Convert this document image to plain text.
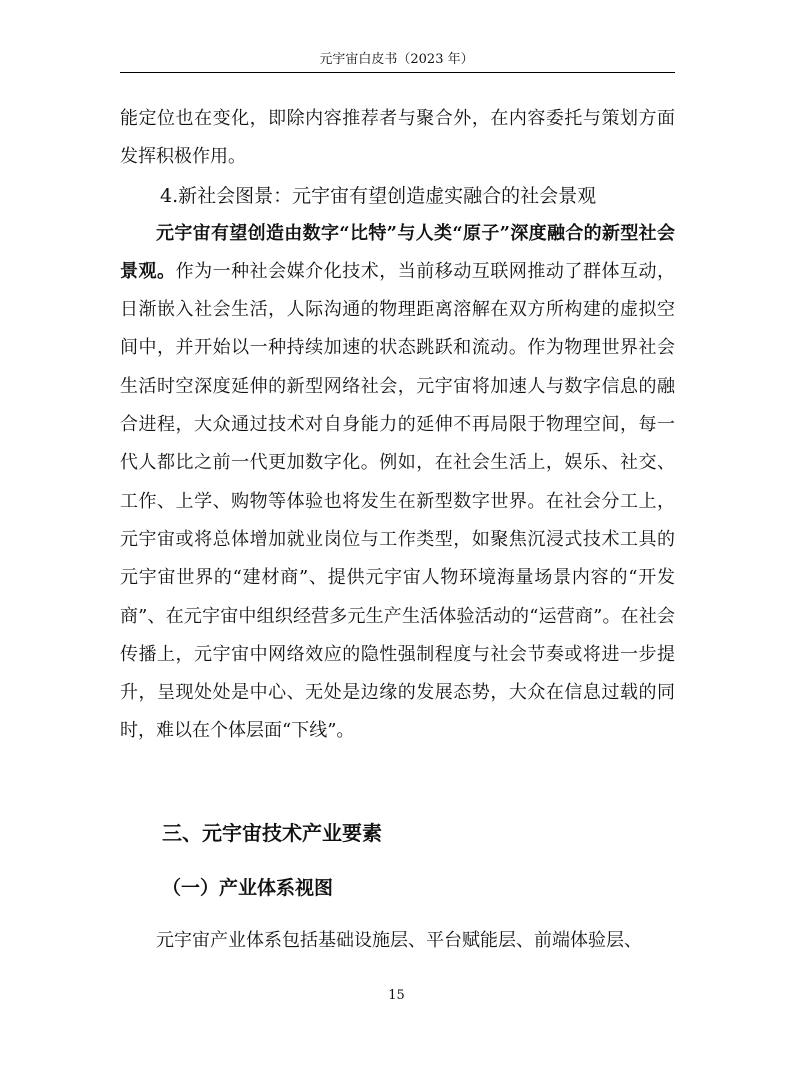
元宇宙白皮书（2023 年）

能定位也在变化，即除内容推荐者与聚合外，在内容委托与策划方面发挥积极作用。

4.新社会图景：元宇宙有望创造虚实融合的社会景观

元宇宙有望创造由数字“比特”与人类“原子”深度融合的新型社会景观。作为一种社会媒介化技术，当前移动互联网推动了群体互动，日渐嵌入社会生活，人际沟通的物理距离溶解在双方所构建的虚拟空间中，并开始以一种持续加速的状态跳跃和流动。作为物理世界社会生活时空深度延伸的新型网络社会，元宇宙将加速人与数字信息的融合进程，大众通过技术对自身能力的延伸不再局限于物理空间，每一代人都比之前一代更加数字化。例如，在社会生活上，娱乐、社交、工作、上学、购物等体验也将发生在新型数字世界。在社会分工上，元宇宙或将总体增加就业岗位与工作类型，如聚焦沉浸式技术工具的元宇宙世界的“建材商”、提供元宇宙人物环境海量场景内容的“开发商”、在元宇宙中组织经营多元生产生活体验活动的“运营商”。在社会传播上，元宇宙中网络效应的隐性强制程度与社会节奏或将进一步提升，呈现处处是中心、无处是边缘的发展态势，大众在信息过载的同时，难以在个体层面“下线”。

三、元宇宙技术产业要素

（一）产业体系视图

元宇宙产业体系包括基础设施层、平台赋能层、前端体验层、

15
